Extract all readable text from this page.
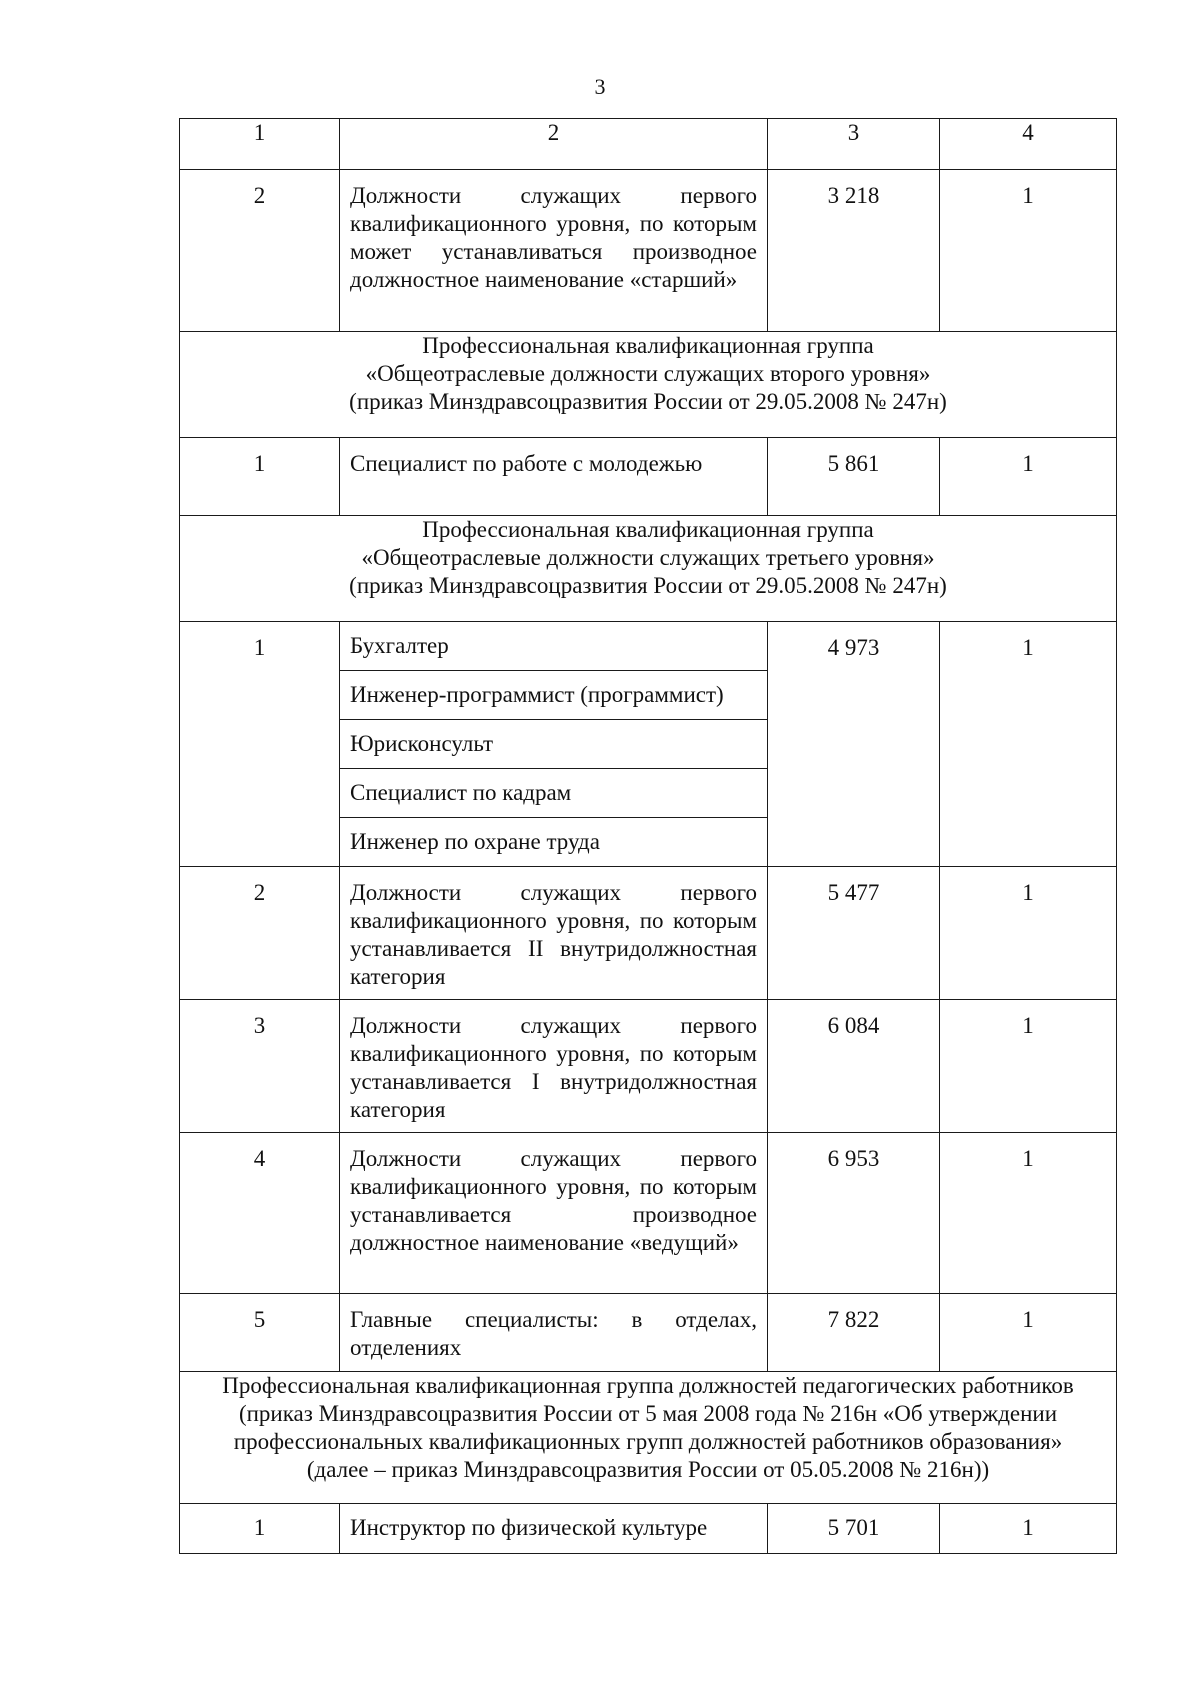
3
1	2	3	4

2	Должности служащих первого квалификационного уровня, по которым может устанавливаться производное должностное наименование «старший»	3 218	1

Профессиональная квалификационная группа
«Общеотраслевые должности служащих второго уровня»
(приказ Минздравсоцразвития России от 29.05.2008 № 247н)			

1	Специалист по работе с молодежью	5 861	1

Профессиональная квалификационная группа
«Общеотраслевые должности служащих третьего уровня»
(приказ Минздравсоцразвития России от 29.05.2008 № 247н)			

1	Бухгалтер	4 973	1

	Инженер-программист (программист)		

	Юрисконсульт		

	Специалист по кадрам		

	Инженер по охране труда		

2	Должности служащих первого квалификационного уровня, по которым устанавливается II внутридолжностная категория	5 477	1

3	Должности служащих первого квалификационного уровня, по которым устанавливается I внутридолжностная категория	6 084	1

4	Должности служащих первого квалификационного уровня, по которым устанавливается производное должностное наименование «ведущий»	6 953	1

5	Главные специалисты: в отделах, отделениях	7 822	1

Профессиональная квалификационная группа должностей педагогических работников
(приказ Минздравсоцразвития России от 5 мая 2008 года № 216н «Об утверждении
профессиональных квалификационных групп должностей работников образования»
(далее – приказ Минздравсоцразвития России от 05.05.2008 № 216н))			

1	Инструктор по физической культуре	5 701	1
